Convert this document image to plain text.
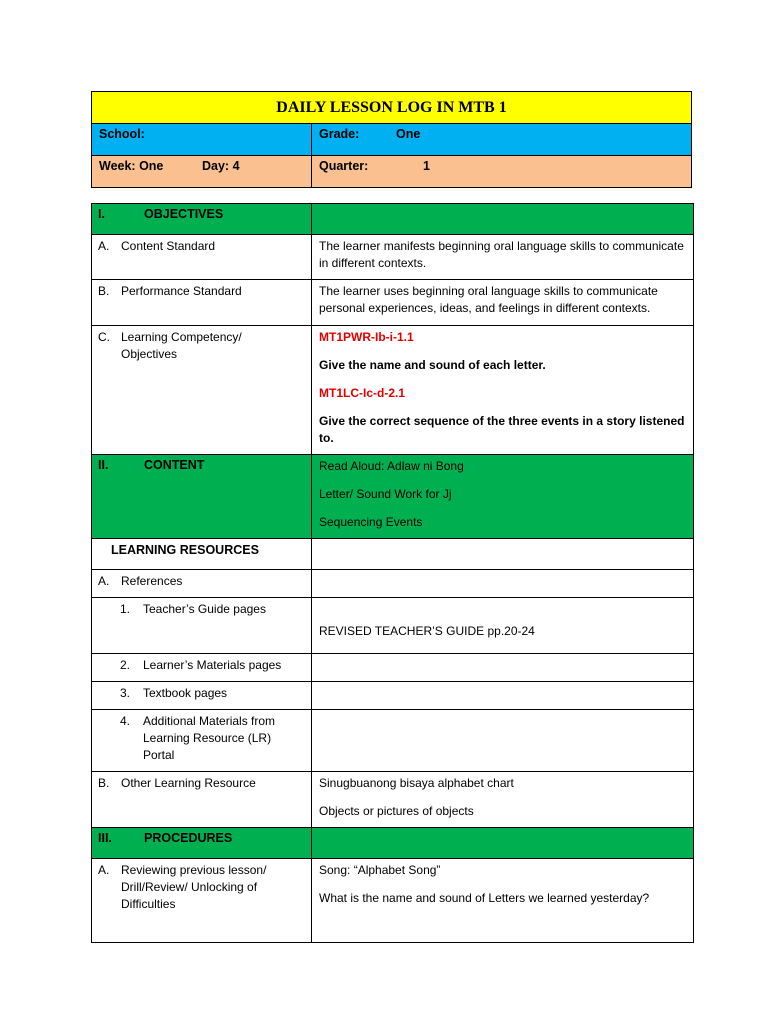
DAILY LESSON LOG IN MTB 1	
School:	Grade: One
Week: One Day: 4	Quarter: 1
I. OBJECTIVES	
A. Content Standard	The learner manifests beginning oral language skills to communicate in different contexts.

B. Performance Standard	The learner uses beginning oral language skills to communicate personal experiences, ideas, and feelings in different contexts.

C. Learning Competency/ Objectives	MT1PWR-Ib-i-1.1

Give the name and sound of each letter.

MT1LC-Ic-d-2.1

Give the correct sequence of the three events in a story listened to.

II. CONTENT	Read Aloud: Adlaw ni Bong

Letter/ Sound Work for Jj

Sequencing Events

LEARNING RESOURCES	
A. References	
1. Teacher’s Guide pages	REVISED TEACHER’S GUIDE pp.20-24

2. Learner’s Materials pages	
3. Textbook pages	
4. Additional Materials from Learning Resource (LR) Portal	
B. Other Learning Resource	Sinugbuanong bisaya alphabet chart

Objects or pictures of objects

III. PROCEDURES	
A. Reviewing previous lesson/ Drill/Review/ Unlocking of Difficulties	Song: “Alphabet Song”

What is the name and sound of Letters we learned yesterday?
